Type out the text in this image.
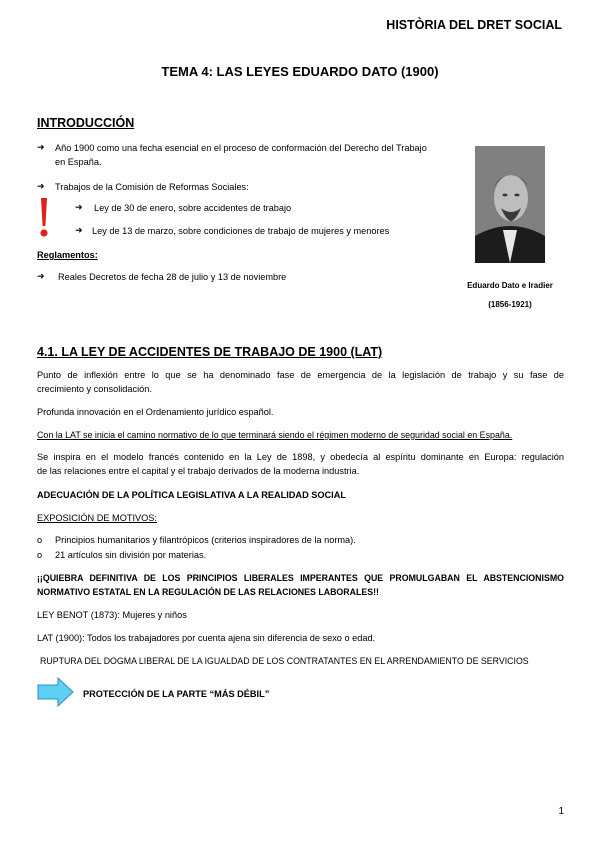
HISTÒRIA DEL DRET SOCIAL
TEMA 4: LAS LEYES EDUARDO DATO (1900)
INTRODUCCIÓN
➜ Año 1900 como una fecha esencial en el proceso de conformación del Derecho del Trabajo
en España.
➜ Trabajos de la Comisión de Reformas Sociales:
➜ Ley de 30 de enero, sobre accidentes de trabajo
➜ Ley de 13 de marzo, sobre condiciones de trabajo de mujeres y menores
Reglamentos:
➜ Reales Decretos de fecha 28 de julio y 13 de noviembre
Eduardo Dato e Iradier
(1856-1921)
4.1. LA LEY DE ACCIDENTES DE TRABAJO DE 1900 (LAT)
Punto de inflexión entre lo que se ha denominado fase de emergencia de la legislación de trabajo y su fase de
crecimiento y consolidación.
Profunda innovación en el Ordenamiento jurídico español.
Con la LAT se inicia el camino normativo de lo que terminará siendo el régimen moderno de seguridad social en España.
Se inspira en el modelo francés contenido en la Ley de 1898, y obedecía al espíritu dominante en Europa: regulación
de las relaciones entre el capital y el trabajo derivados de la moderna industria.
ADECUACIÓN DE LA POLÍTICA LEGISLATIVA A LA REALIDAD SOCIAL
EXPOSICIÓN DE MOTIVOS:
o Principios humanitarios y filantrópicos (criterios inspiradores de la norma).
o 21 artículos sin división por materias.
¡¡QUIEBRA DEFINITIVA DE LOS PRINCIPIOS LIBERALES IMPERANTES QUE PROMULGABAN EL ABSTENCIONISMO
NORMATIVO ESTATAL EN LA REGULACIÓN DE LAS RELACIONES LABORALES!!
LEY BENOT (1873): Mujeres y niños
LAT (1900): Todos los trabajadores por cuenta ajena sin diferencia de sexo o edad.
RUPTURA DEL DOGMA LIBERAL DE LA IGUALDAD DE LOS CONTRATANTES EN EL ARRENDAMIENTO DE SERVICIOS
PROTECCIÓN DE LA PARTE “MÁS DÉBIL”
1
